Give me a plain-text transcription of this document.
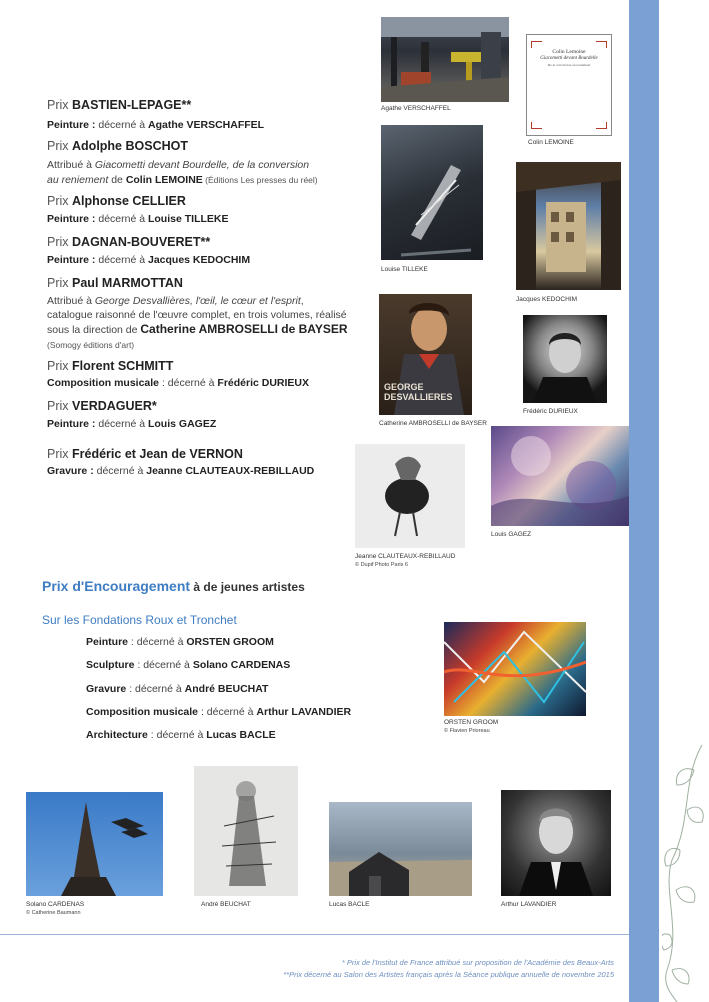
Prix BASTIEN-LEPAGE**
Peinture : décerné à Agathe VERSCHAFFEL
Prix Adolphe BOSCHOT
Attribué à Giacometti devant Bourdelle, de la conversion
au reniement de Colin LEMOINE (Éditions Les presses du réel)
Prix Alphonse CELLIER
Peinture : décerné à Louise TILLEKE
Prix DAGNAN-BOUVERET**
Peinture : décerné à Jacques KEDOCHIM
Prix Paul MARMOTTAN
Attribué à George Desvallières, l'œil, le cœur et l'esprit,
catalogue raisonné de l'œuvre complet, en trois volumes, réalisé
sous la direction de Catherine AMBROSELLI de BAYSER
(Somogy éditions d'art)
Prix Florent SCHMITT
Composition musicale : décerné à Frédéric DURIEUX
Prix VERDAGUER*
Peinture : décerné à Louis GAGEZ
Prix Frédéric et Jean de VERNON
Gravure : décerné à Jeanne CLAUTEAUX-REBILLAUD
Agathe VERSCHAFFEL
Colin Lemoine
Giacometti devant Bourdelle
De la conversion au reniement
Colin LEMOINE
Louise TILLEKE
Jacques KEDOCHIM
GEORGE
DESVALLIERES
Catherine AMBROSELLI de BAYSER
Frédéric DURIEUX
Jeanne CLAUTEAUX-REBILLAUD
© Dupif Photo Paris 6
Louis GAGEZ
Prix d'Encouragement à de jeunes artistes
Sur les Fondations Roux et Tronchet
Peinture : décerné à ORSTEN GROOM
Sculpture : décerné à Solano CARDENAS
Gravure : décerné à André BEUCHAT
Composition musicale : décerné à Arthur LAVANDIER
Architecture : décerné à Lucas BACLE
ORSTEN GROOM
© Flavien Prioreau
Solano CARDENAS
© Catherine Baumann
André BEUCHAT	Lucas BACLE	Arthur LAVANDIER
* Prix de l'Institut de France attribué sur proposition de l'Académie des Beaux-Arts
**Prix décerné au Salon des Artistes français après la Séance publique annuelle de novembre 2015
